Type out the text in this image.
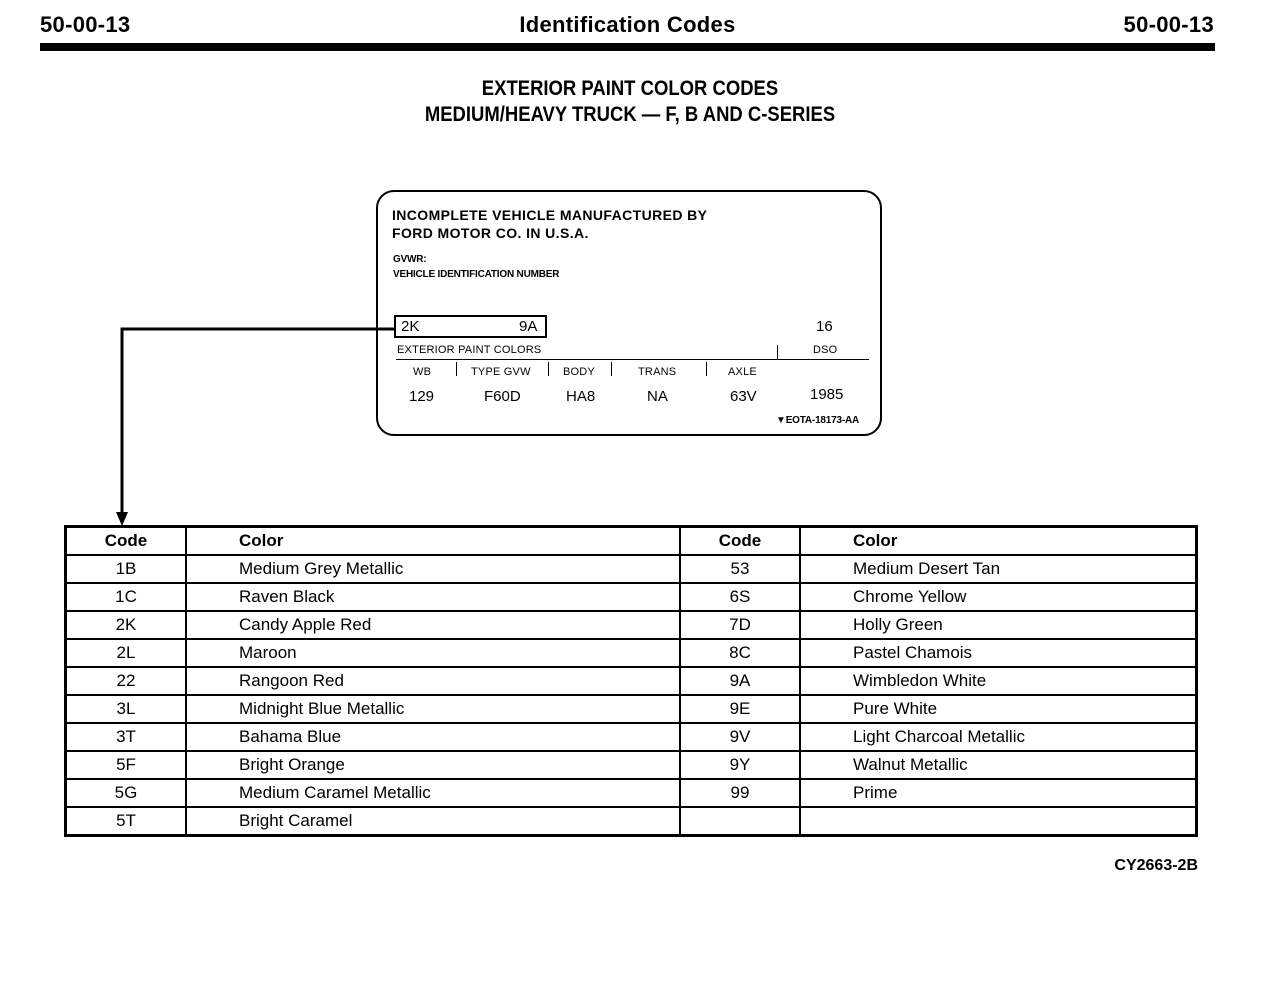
50-00-13	Identification Codes	50-00-13
EXTERIOR PAINT COLOR CODES
MEDIUM/HEAVY TRUCK — F, B AND C-SERIES
INCOMPLETE VEHICLE MANUFACTURED BY
FORD MOTOR CO. IN U.S.A.
GVWR:
VEHICLE IDENTIFICATION NUMBER
2K	9A	16
EXTERIOR PAINT COLORS	DSO
WB	TYPE GVW	BODY	TRANS	AXLE
129	F60D	HA8	NA	63V	1985
▼EOTA-18173-AA
Code	Color	Code	Color
1B	Medium Grey Metallic	53	Medium Desert Tan
1C	Raven Black	6S	Chrome Yellow
2K	Candy Apple Red	7D	Holly Green
2L	Maroon	8C	Pastel Chamois
22	Rangoon Red	9A	Wimbledon White
3L	Midnight Blue Metallic	9E	Pure White
3T	Bahama Blue	9V	Light Charcoal Metallic
5F	Bright Orange	9Y	Walnut Metallic
5G	Medium Caramel Metallic	99	Prime
5T	Bright Caramel		
CY2663-2B
